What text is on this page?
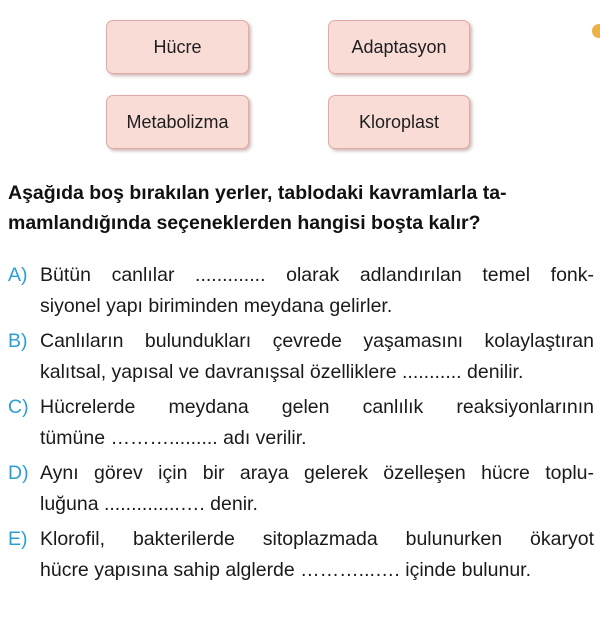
Hücre	Adaptasyon
Metabolizma	Kloroplast
Aşağıda boş bırakılan yerler, tablodaki kavramlarla ta-
mamlandığında seçeneklerden hangisi boşta kalır?
A) Bütün canlılar ............. olarak adlandırılan temel fonk-
siyonel yapı biriminden meydana gelirler.
B) Canlıların bulundukları çevrede yaşamasını kolaylaştıran
kalıtsal, yapısal ve davranışsal özelliklere ........... denilir.
C) Hücrelerde meydana gelen canlılık reaksiyonlarının
tümüne ………......... adı verilir.
D) Aynı görev için bir araya gelerek özelleşen hücre toplu-
luğuna ..............…. denir.
E) Klorofil, bakterilerde sitoplazmada bulunurken ökaryot
hücre yapısına sahip alglerde ………...…. içinde bulunur.
